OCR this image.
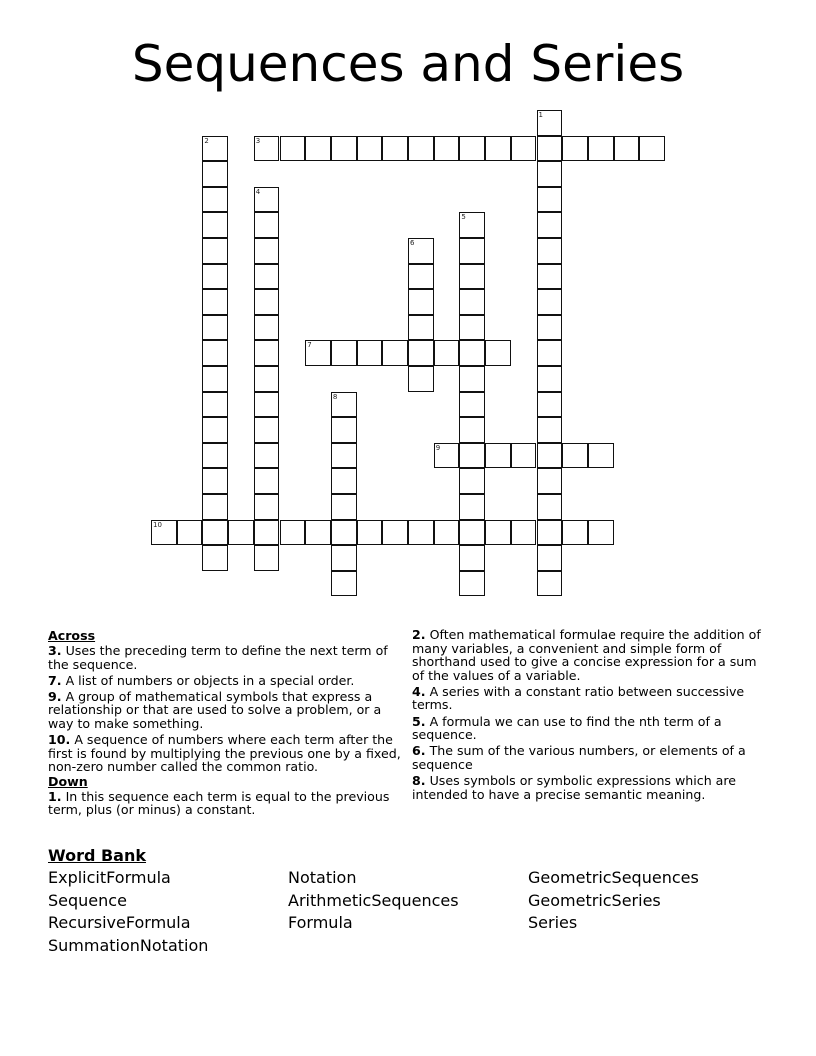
Sequences and Series
1
2	3
4
5
6
7
8
9
10

Across

3. Uses the preceding term to define the next term of the sequence.

7. A list of numbers or objects in a special order.

9. A group of mathematical symbols that express a relationship or that are used to solve a problem, or a way to make something.

10. A sequence of numbers where each term after the first is found by multiplying the previous one by a fixed, non-zero number called the common ratio.

Down

1. In this sequence each term is equal to the previous term, plus (or minus) a constant.

2. Often mathematical formulae require the addition of many variables, a convenient and simple form of shorthand used to give a concise expression for a sum of the values of a variable.

4. A series with a constant ratio between successive terms.

5. A formula we can use to find the nth term of a sequence.

6. The sum of the various numbers, or elements of a sequence

8. Uses symbols or symbolic expressions which are intended to have a precise semantic meaning.

Word Bank
ExplicitFormula	Notation	GeometricSequences
Sequence	ArithmeticSequences	GeometricSeries
RecursiveFormula	Formula	Series
SummationNotation
